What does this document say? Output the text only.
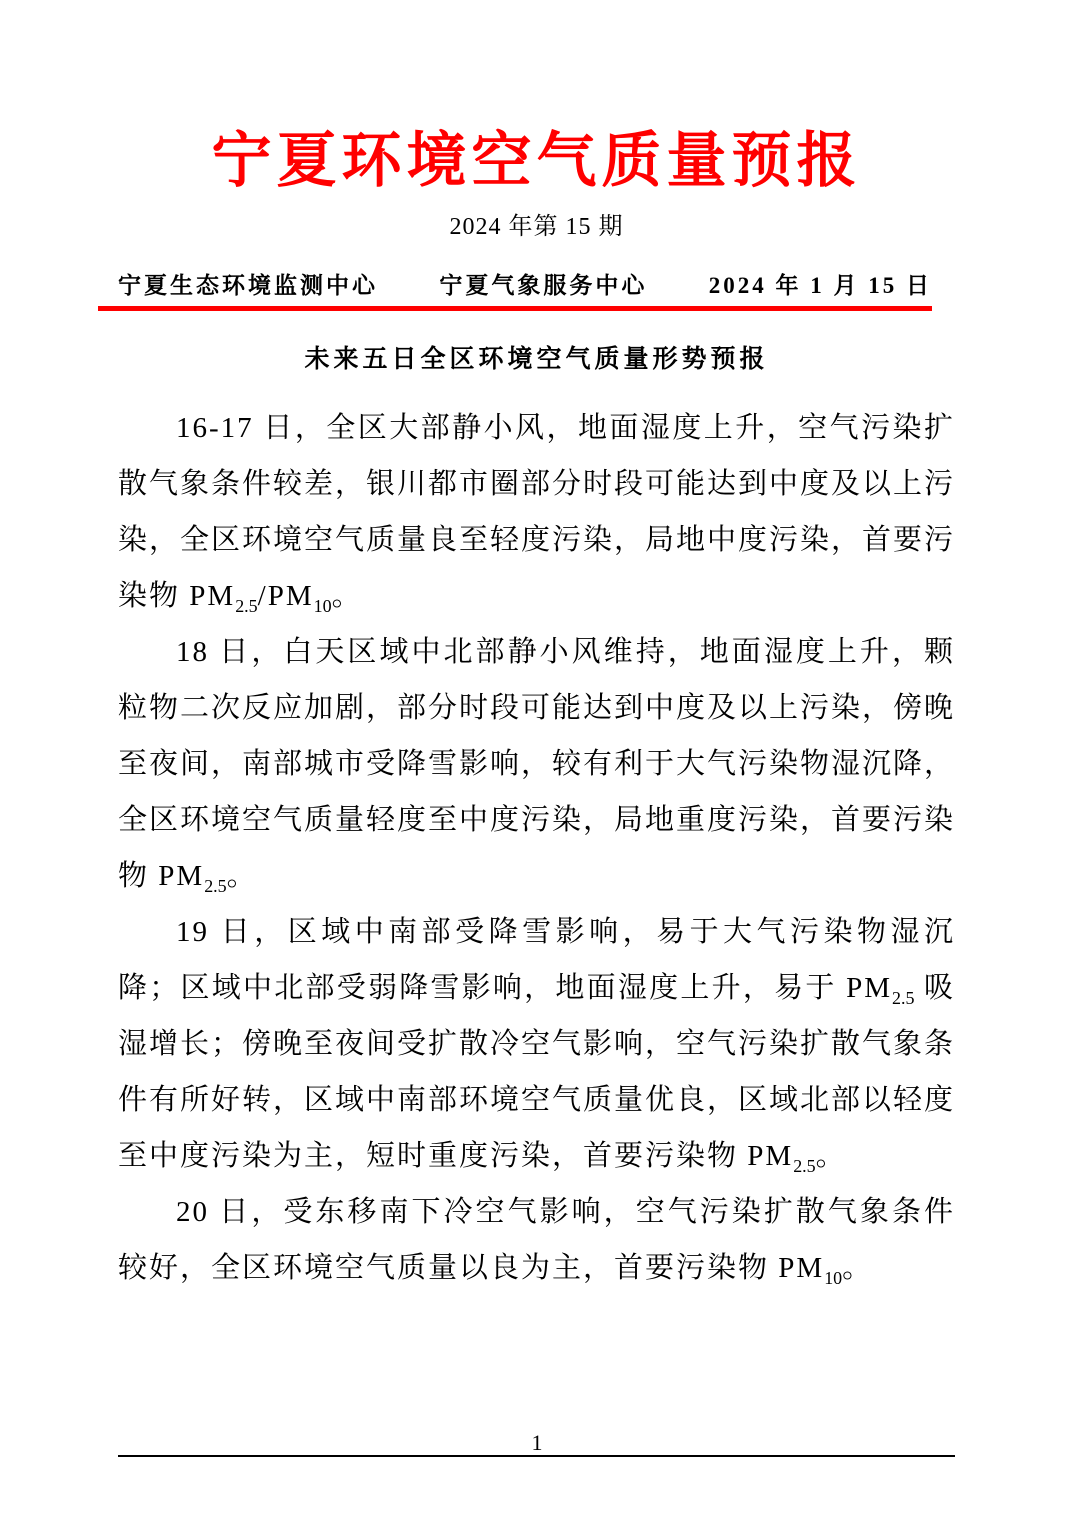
宁夏环境空气质量预报
2024 年第 15 期
宁夏生态环境监测中心	宁夏气象服务中心	2024 年 1 月 15 日
未来五日全区环境空气质量形势预报

16-17 日，全区大部静小风，地面湿度上升，空气污染扩散气象条件较差，银川都市圈部分时段可能达到中度及以上污染，全区环境空气质量良至轻度污染，局地中度污染，首要污染物 $PM_{2.5}/PM_{10}$。

18 日，白天区域中北部静小风维持，地面湿度上升，颗粒物二次反应加剧，部分时段可能达到中度及以上污染，傍晚至夜间，南部城市受降雪影响，较有利于大气污染物湿沉降，全区环境空气质量轻度至中度污染，局地重度污染，首要污染物 $PM_{2.5}$。

19 日，区域中南部受降雪影响，易于大气污染物湿沉降；区域中北部受弱降雪影响，地面湿度上升，易于 $PM_{2.5}$ 吸湿增长；傍晚至夜间受扩散冷空气影响，空气污染扩散气象条件有所好转，区域中南部环境空气质量优良，区域北部以轻度至中度污染为主，短时重度污染，首要污染物 $PM_{2.5}$。

20 日，受东移南下冷空气影响，空气污染扩散气象条件较好，全区环境空气质量以良为主，首要污染物 $PM_{10}$。

1
